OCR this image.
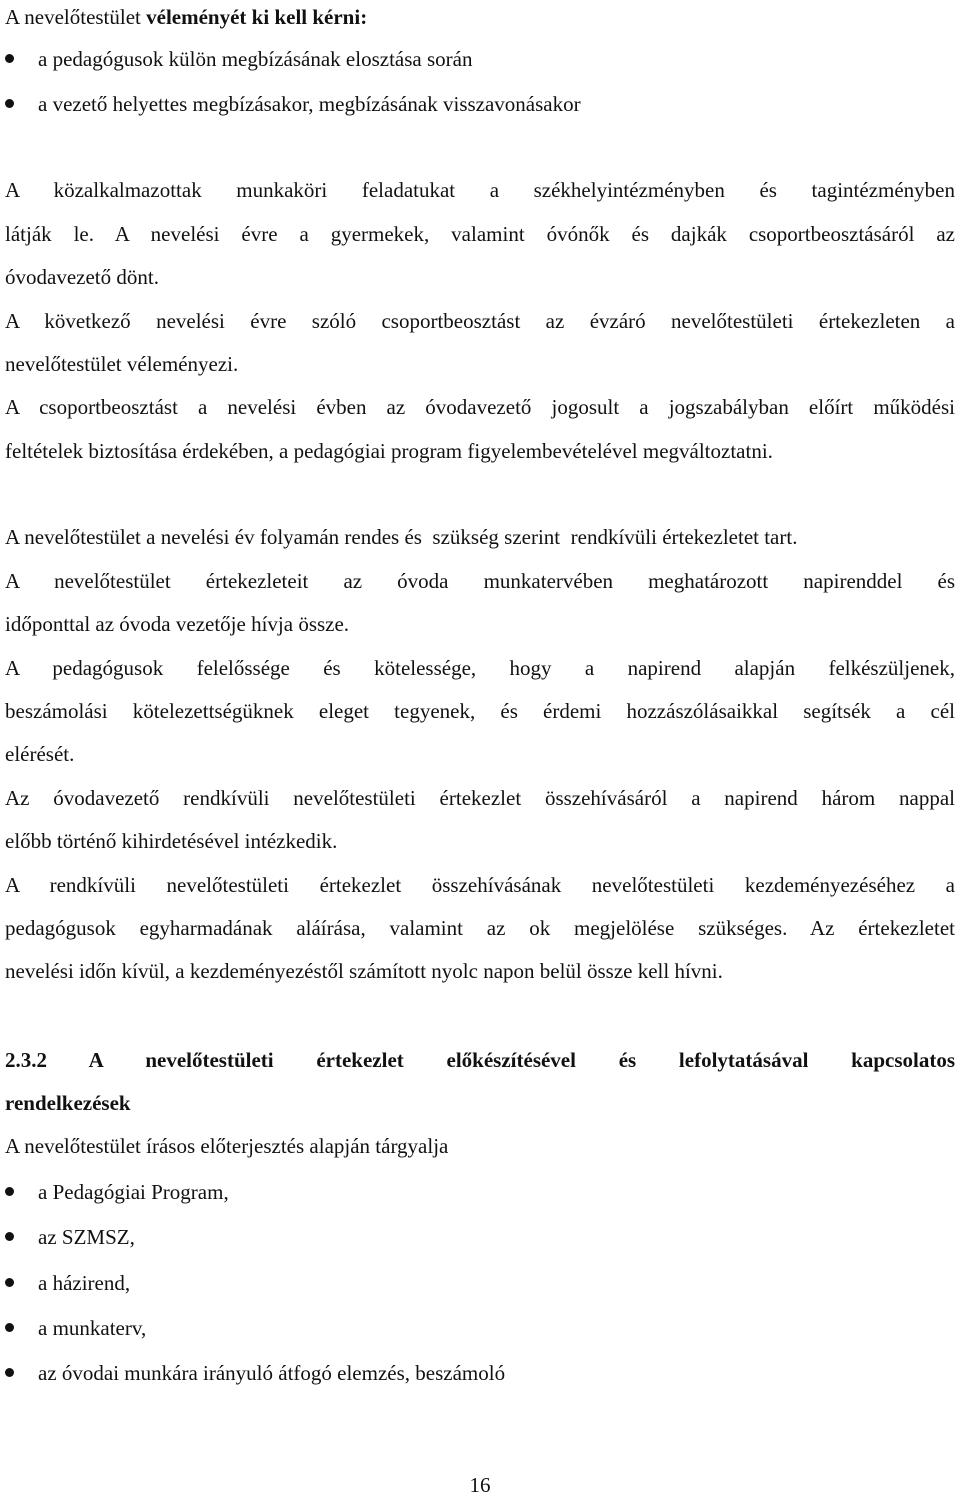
A nevelőtestület véleményét ki kell kérni:
a pedagógusok külön megbízásának elosztása során
a vezető helyettes megbízásakor, megbízásának visszavonásakor
A közalkalmazottak munkaköri feladatukat a székhelyintézményben és tagintézményben
látják le. A nevelési évre a gyermekek, valamint óvónők és dajkák csoportbeosztásáról az
óvodavezető dönt.
A következő nevelési évre szóló csoportbeosztást az évzáró nevelőtestületi értekezleten a
nevelőtestület véleményezi.
A csoportbeosztást a nevelési évben az óvodavezető jogosult a jogszabályban előírt működési
feltételek biztosítása érdekében, a pedagógiai program figyelembevételével megváltoztatni.
A nevelőtestület a nevelési év folyamán rendes és  szükség szerint  rendkívüli értekezletet tart.
A nevelőtestület értekezleteit az óvoda munkatervében meghatározott napirenddel és
időponttal az óvoda vezetője hívja össze.
A pedagógusok felelőssége és kötelessége, hogy a napirend alapján felkészüljenek,
beszámolási kötelezettségüknek eleget tegyenek, és érdemi hozzászólásaikkal segítsék a cél
elérését.
Az óvodavezető rendkívüli nevelőtestületi értekezlet összehívásáról a napirend három nappal
előbb történő kihirdetésével intézkedik.
A rendkívüli nevelőtestületi értekezlet összehívásának nevelőtestületi kezdeményezéséhez a
pedagógusok egyharmadának aláírása, valamint az ok megjelölése szükséges. Az értekezletet
nevelési időn kívül, a kezdeményezéstől számított nyolc napon belül össze kell hívni.
2.3.2 A nevelőtestületi értekezlet előkészítésével és lefolytatásával kapcsolatos
rendelkezések
A nevelőtestület írásos előterjesztés alapján tárgyalja
a Pedagógiai Program,
az SZMSZ,
a házirend,
a munkaterv,
az óvodai munkára irányuló átfogó elemzés, beszámoló
16
